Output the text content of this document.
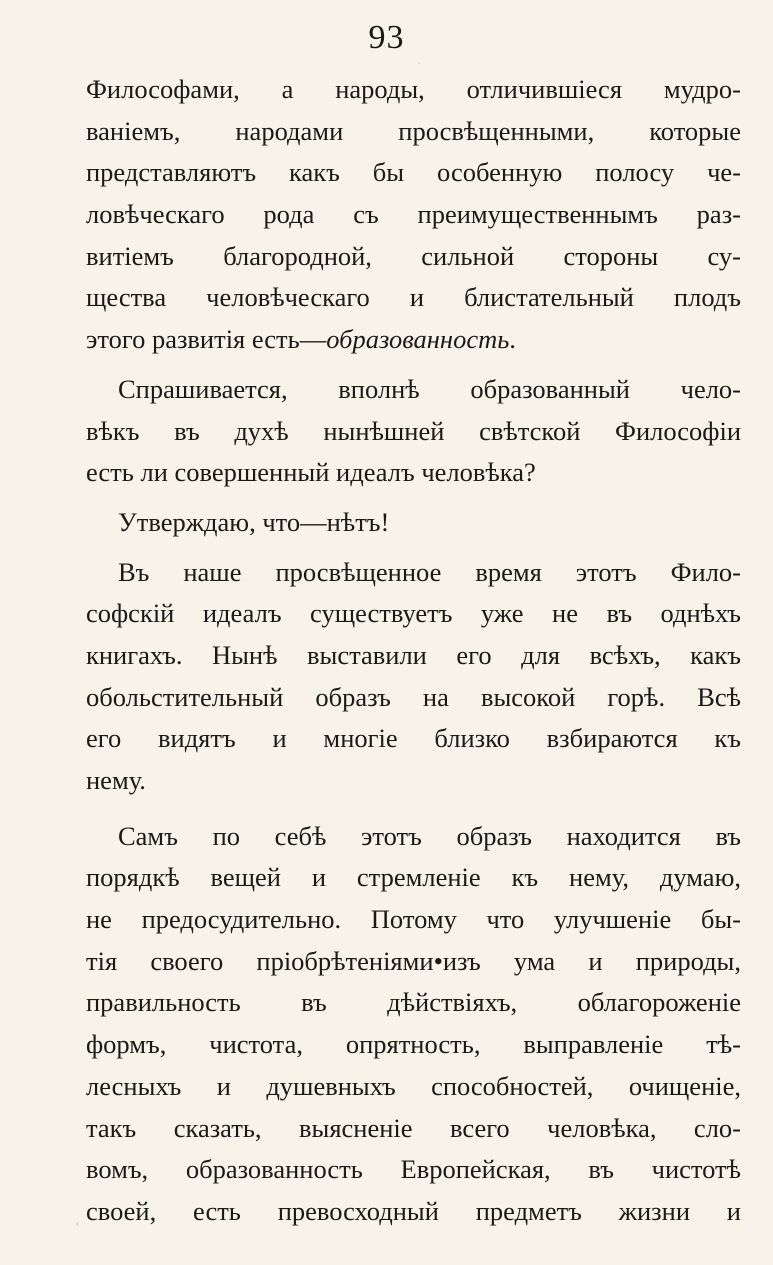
93
Философами, а народы, отличившіеся мудро-
ваніемъ, народами просвѣщенными, которые
представляютъ какъ бы особенную полосу че-
ловѣческаго рода съ преимущественнымъ раз-
витіемъ благородной, сильной стороны су-
щества человѣческаго и блистательный плодъ
этого развитія есть—образованность.
Спрашивается, вполнѣ образованный чело-
вѣкъ въ духѣ нынѣшней свѣтской Философіи
есть ли совершенный идеалъ человѣка?
Утверждаю, что—нѣтъ!
Въ наше просвѣщенное время этотъ Фило-
софскій идеалъ существуетъ уже не въ однѣхъ
книгахъ. Нынѣ выставили его для всѣхъ, какъ
обольстительный образъ на высокой горѣ. Всѣ
его видятъ и многіе близко взбираются къ
нему.
Самъ по себѣ этотъ образъ находится въ
порядкѣ вещей и стремленіе къ нему, думаю,
не предосудительно. Потому что улучшеніе бы-
тія своего пріобрѣтеніями•изъ ума и природы,
правильность въ дѣйствіяхъ, облагороженіе
формъ, чистота, опрятность, выправленіе тѣ-
лесныхъ и душевныхъ способностей, очищеніе,
такъ сказать, выясненіе всего человѣка, сло-
вомъ, образованность Европейская, въ чистотѣ
своей, есть превосходный предметъ жизни и
